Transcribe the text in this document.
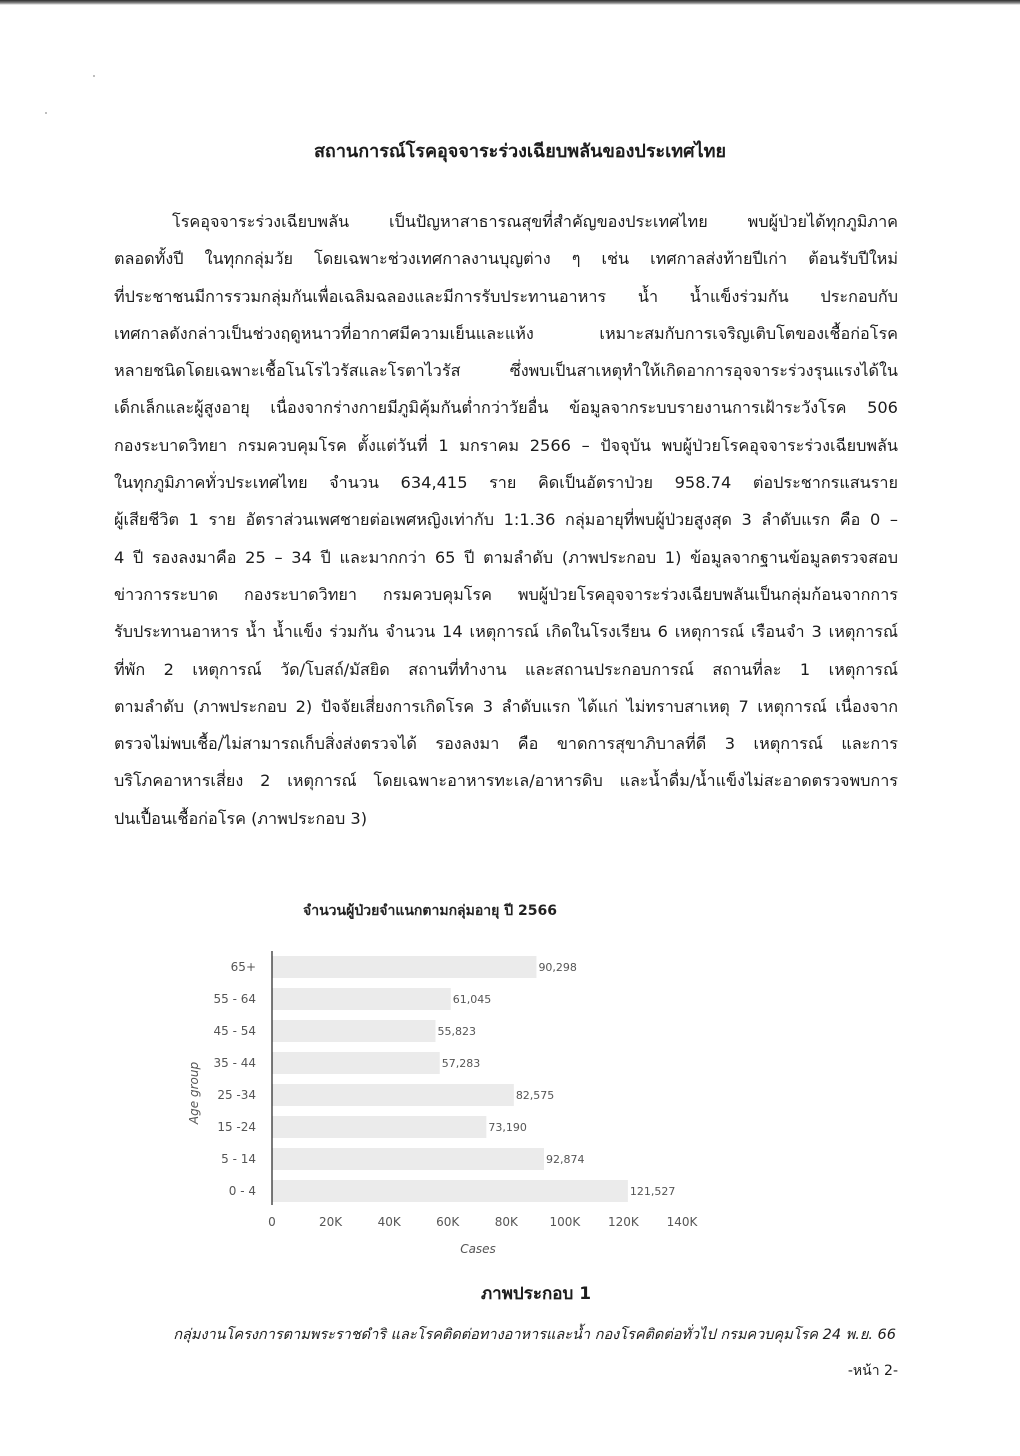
สถานการณ์โรคอุจจาระร่วงเฉียบพลันของประเทศไทย
โรคอุจจาระร่วงเฉียบพลัน เป็นปัญหาสาธารณสุขที่สำคัญของประเทศไทย พบผู้ป่วยได้ทุกภูมิภาค
ตลอดทั้งปี ในทุกกลุ่มวัย โดยเฉพาะช่วงเทศกาลงานบุญต่าง ๆ เช่น เทศกาลส่งท้ายปีเก่า ต้อนรับปีใหม่
ที่ประชาชนมีการรวมกลุ่มกันเพื่อเฉลิมฉลองและมีการรับประทานอาหาร น้ำ น้ำแข็งร่วมกัน ประกอบกับ
เทศกาลดังกล่าวเป็นช่วงฤดูหนาวที่อากาศมีความเย็นและแห้ง เหมาะสมกับการเจริญเติบโตของเชื้อก่อโรค
หลายชนิดโดยเฉพาะเชื้อโนโรไวรัสและโรตาไวรัส ซึ่งพบเป็นสาเหตุทำให้เกิดอาการอุจจาระร่วงรุนแรงได้ใน
เด็กเล็กและผู้สูงอายุ เนื่องจากร่างกายมีภูมิคุ้มกันต่ำกว่าวัยอื่น ข้อมูลจากระบบรายงานการเฝ้าระวังโรค 506
กองระบาดวิทยา กรมควบคุมโรค ตั้งแต่วันที่ 1 มกราคม 2566 – ปัจจุบัน พบผู้ป่วยโรคอุจจาระร่วงเฉียบพลัน
ในทุกภูมิภาคทั่วประเทศไทย จำนวน 634,415 ราย คิดเป็นอัตราป่วย 958.74 ต่อประชากรแสนราย
ผู้เสียชีวิต 1 ราย อัตราส่วนเพศชายต่อเพศหญิงเท่ากับ 1:1.36 กลุ่มอายุที่พบผู้ป่วยสูงสุด 3 ลำดับแรก คือ 0 –
4 ปี รองลงมาคือ 25 – 34 ปี และมากกว่า 65 ปี ตามลำดับ (ภาพประกอบ 1) ข้อมูลจากฐานข้อมูลตรวจสอบ
ข่าวการระบาด กองระบาดวิทยา กรมควบคุมโรค พบผู้ป่วยโรคอุจจาระร่วงเฉียบพลันเป็นกลุ่มก้อนจากการ
รับประทานอาหาร น้ำ น้ำแข็ง ร่วมกัน จำนวน 14 เหตุการณ์ เกิดในโรงเรียน 6 เหตุการณ์ เรือนจำ 3 เหตุการณ์
ที่พัก 2 เหตุการณ์ วัด/โบสถ์/มัสยิด สถานที่ทำงาน และสถานประกอบการณ์ สถานที่ละ 1 เหตุการณ์
ตามลำดับ (ภาพประกอบ 2) ปัจจัยเสี่ยงการเกิดโรค 3 ลำดับแรก ได้แก่ ไม่ทราบสาเหตุ 7 เหตุการณ์ เนื่องจาก
ตรวจไม่พบเชื้อ/ไม่สามารถเก็บสิ่งส่งตรวจได้ รองลงมา คือ ขาดการสุขาภิบาลที่ดี 3 เหตุการณ์ และการ
บริโภคอาหารเสี่ยง 2 เหตุการณ์ โดยเฉพาะอาหารทะเล/อาหารดิบ และน้ำดื่ม/น้ำแข็งไม่สะอาดตรวจพบการ
ปนเปื้อนเชื้อก่อโรค (ภาพประกอบ 3)
จำนวนผู้ป่วยจำแนกตามกลุ่มอายุ ปี 2566
0 - 4
5 - 14
15 -24
25 -34
35 - 44
45 - 54
55 - 64
65+
121,527
92,874
73,190
82,575
57,283
55,823
61,045
90,298
0	20K	40K	60K	80K	100K 120K 140K
Cases
Age group
ภาพประกอบ 1
กลุ่มงานโครงการตามพระราชดำริ และโรคติดต่อทางอาหารและน้ำ กองโรคติดต่อทั่วไป กรมควบคุมโรค 24 พ.ย. 66
-หน้า 2-
